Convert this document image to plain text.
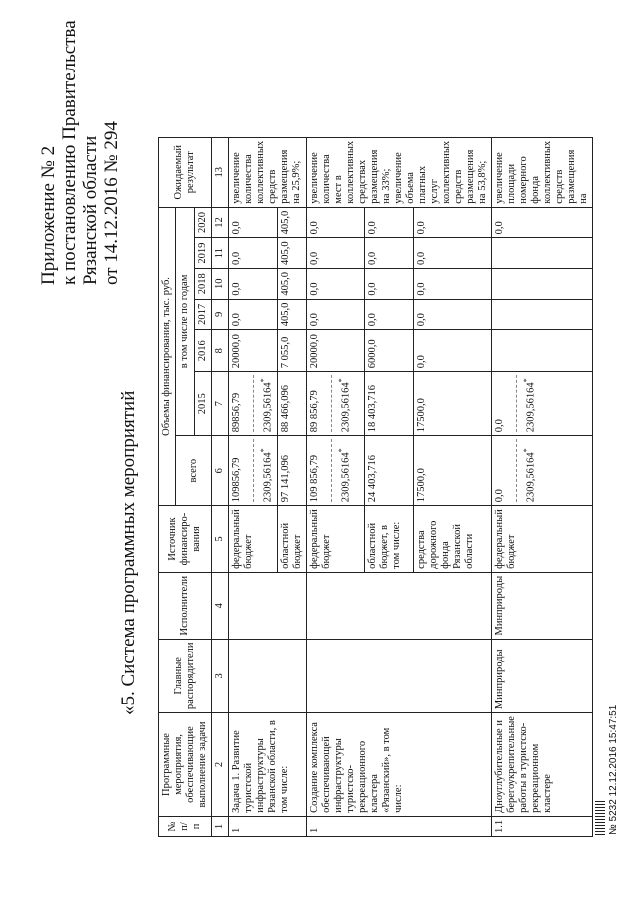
Приложение № 2 к постановлению Правительства Рязанской области от 14.12.2016 № 294
«5. Система программных мероприятий
№ п/п	Программные мероприятия, обеспечивающие выполнение задачи	Главные распорядители	Исполнители	Источник финансиро-вания	Объемы финансирования, тыс. руб.							Ожидаемый результат
					всего	в том числе по годам						
						2015	2016	2017	2018	2019	2020	
1	2	3	4	5	6	7	8	9	10	11	12	13
1	Задача 1. Развитие туристской инфраструктуры Рязанской области, в том числе:			федеральный бюджет	109856,79 2309,56164*	89856,79 2309,56164*	20000,0	0,0	0,0	0,0	0,0	увеличение количества коллективных средств размещения на 25,9%;
				областной бюджет	97 141,096	88 466,096	7 055,0	405,0	405,0	405,0	405,0	
1	Создание комплекса обеспечивающей инфраструктуры туристско-рекреационного кластера «Рязанский», в том числе:			федеральный бюджет	109 856,79 2309,56164*	89 856,79 2309,56164*	20000,0	0,0	0,0	0,0	0,0	увеличение количества мест в коллективных средствах размещения на 33%; увеличение объема платных услуг коллективных средств размещения на 53,8%;
				областной бюджет, в том числе:	24 403,716	18 403,716	6000,0	0,0	0,0	0,0	0,0	
				средства дорожного фонда Рязанской области	17500,0	17500,0	0,0	0,0	0,0	0,0	0,0	
1.1	Дноуглубительные и берегоукрепительные работы в туристско-рекреационном кластере	Минприроды	Минприроды	федеральный бюджет	0,0 2309,56164*	0,0 2309,56164*					0,0	увеличение площади номерного фонда коллективных средств размещения на
№ 5232 12.12.2016 15:47:51
